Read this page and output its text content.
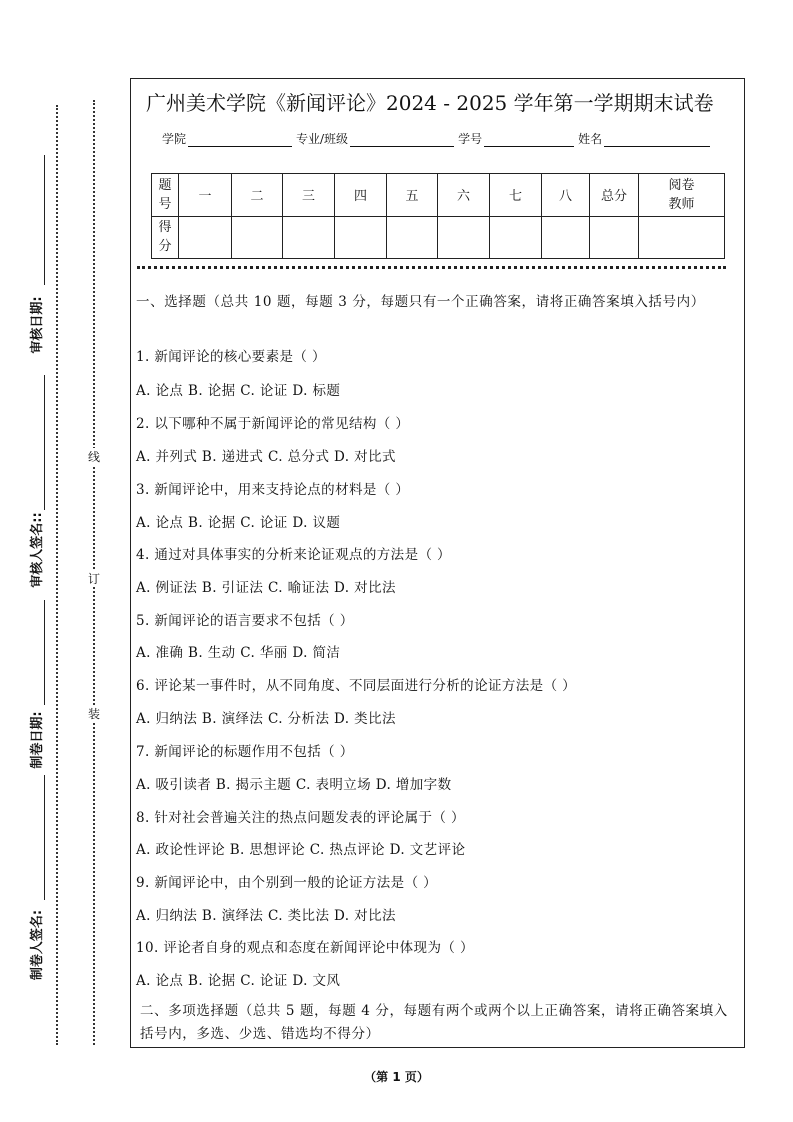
审核日期:
审核人签名::
制卷日期:
制卷人签名:
线
订
装
广州美术学院《新闻评论》2024 - 2025 学年第一学期期末试卷
学院	专业/班级	学号	姓名
题
号	一	二	三	四	五	六	七	八	总分	阅卷
教师
得
分										
一、选择题（总共 10 题，每题 3 分，每题只有一个正确答案，请将正确答案填入括号内）
1. 新闻评论的核心要素是（ ）
A. 论点 B. 论据 C. 论证 D. 标题
2. 以下哪种不属于新闻评论的常见结构（ ）
A. 并列式 B. 递进式 C. 总分式 D. 对比式
3. 新闻评论中，用来支持论点的材料是（ ）
A. 论点 B. 论据 C. 论证 D. 议题
4. 通过对具体事实的分析来论证观点的方法是（ ）
A. 例证法 B. 引证法 C. 喻证法 D. 对比法
5. 新闻评论的语言要求不包括（ ）
A. 准确 B. 生动 C. 华丽 D. 简洁
6. 评论某一事件时，从不同角度、不同层面进行分析的论证方法是（ ）
A. 归纳法 B. 演绎法 C. 分析法 D. 类比法
7. 新闻评论的标题作用不包括（ ）
A. 吸引读者 B. 揭示主题 C. 表明立场 D. 增加字数
8. 针对社会普遍关注的热点问题发表的评论属于（ ）
A. 政论性评论 B. 思想评论 C. 热点评论 D. 文艺评论
9. 新闻评论中，由个别到一般的论证方法是（ ）
A. 归纳法 B. 演绎法 C. 类比法 D. 对比法
10. 评论者自身的观点和态度在新闻评论中体现为（ ）
A. 论点 B. 论据 C. 论证 D. 文风
二、多项选择题（总共 5 题，每题 4 分，每题有两个或两个以上正确答案，请将正确答案填入括号内，多选、少选、错选均不得分）
（第 1 页）
